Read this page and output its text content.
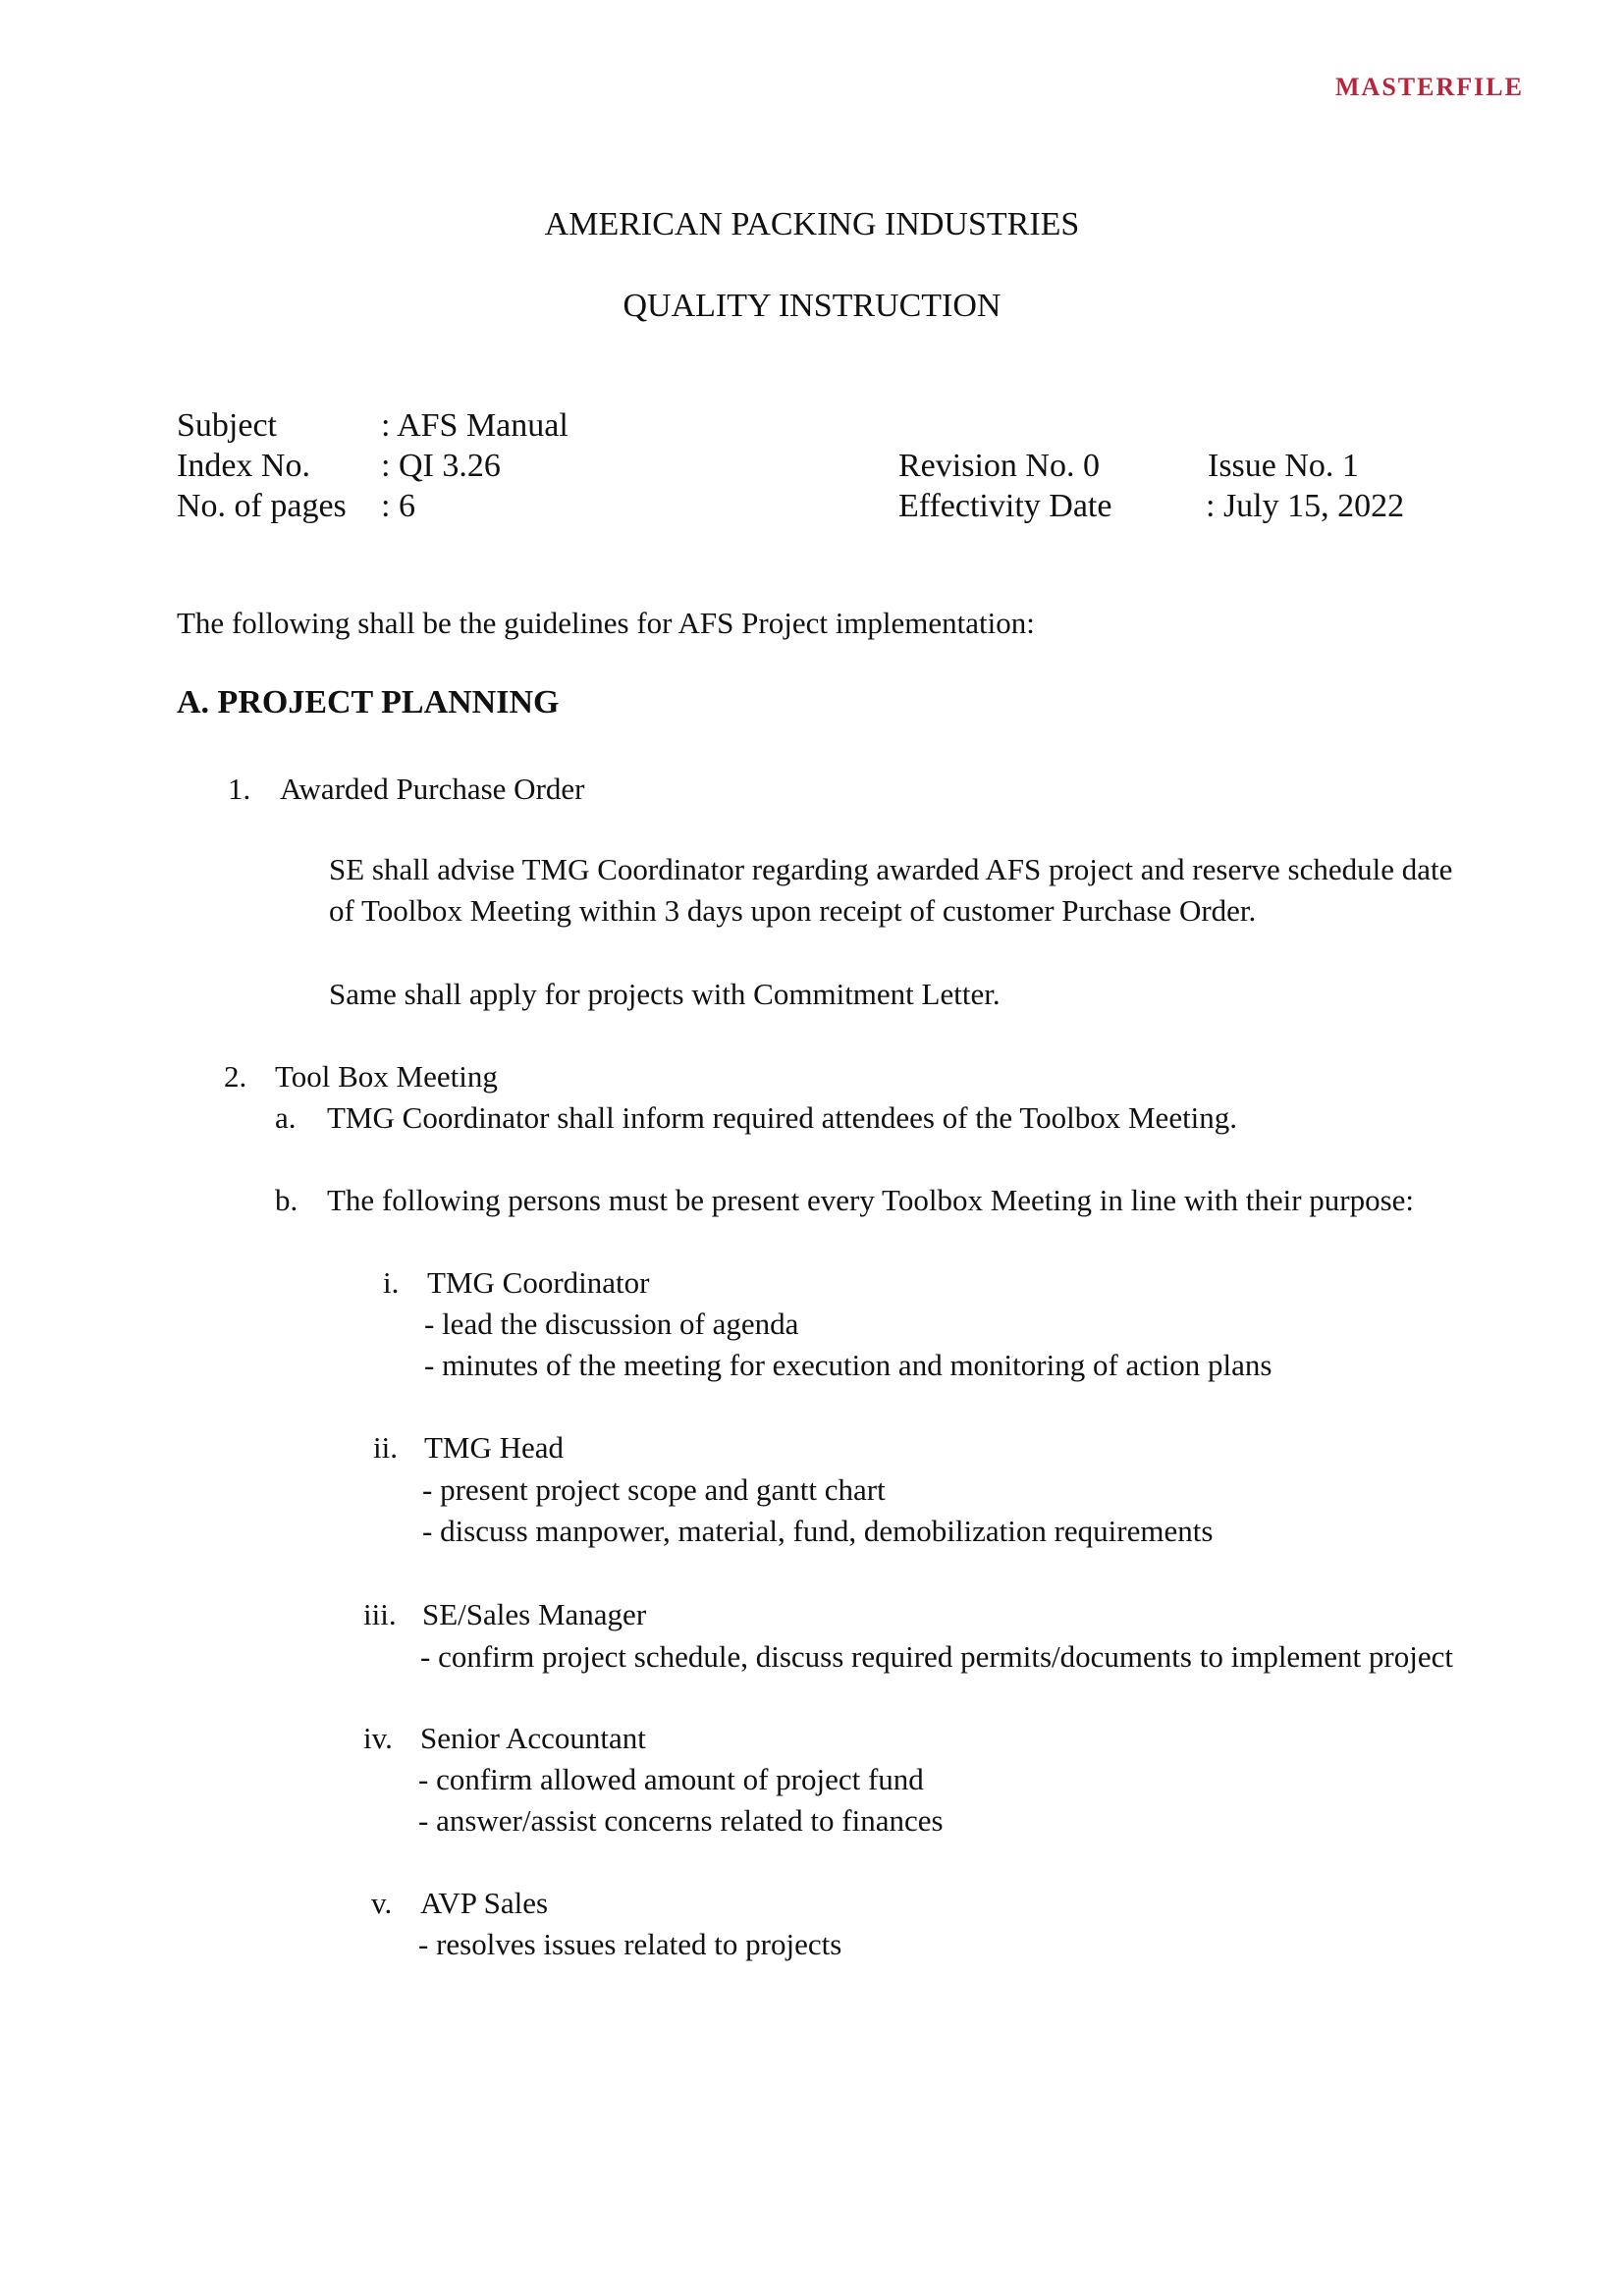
MASTERFILE
AMERICAN PACKING INDUSTRIES
QUALITY INSTRUCTION
Subject	: AFS Manual
Index No. : QI 3.26
No. of pages : 6
Revision No. 0
Effectivity Date
Issue No. 1
: July 15, 2022
The following shall be the guidelines for AFS Project implementation:
A. PROJECT PLANNING
1. Awarded Purchase Order
SE shall advise TMG Coordinator regarding awarded AFS project and reserve schedule date
of Toolbox Meeting within 3 days upon receipt of customer Purchase Order.
Same shall apply for projects with Commitment Letter.
2. Tool Box Meeting
a. TMG Coordinator shall inform required attendees of the Toolbox Meeting.
b. The following persons must be present every Toolbox Meeting in line with their purpose:
i. TMG Coordinator
- lead the discussion of agenda
- minutes of the meeting for execution and monitoring of action plans
ii. TMG Head
- present project scope and gantt chart
- discuss manpower, material, fund, demobilization requirements
iii. SE/Sales Manager
- confirm project schedule, discuss required permits/documents to implement project
iv. Senior Accountant
- confirm allowed amount of project fund
- answer/assist concerns related to finances
v. AVP Sales
- resolves issues related to projects
